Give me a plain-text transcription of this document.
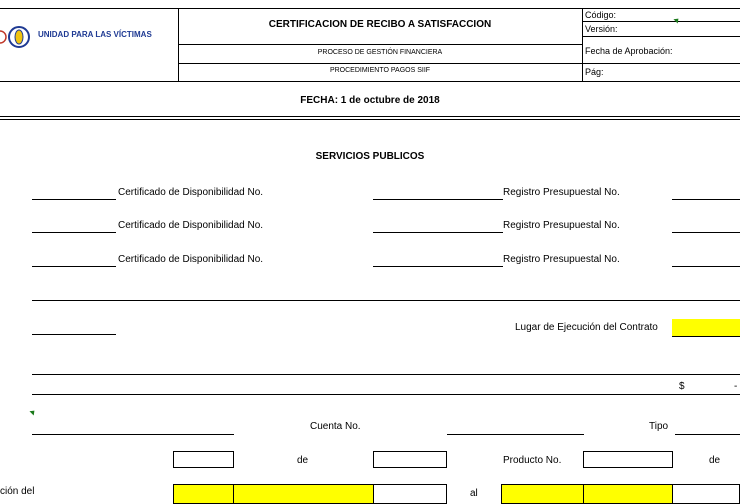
UNIDAD PARA LAS VÍCTIMAS
CERTIFICACION DE RECIBO A SATISFACCION
PROCESO DE GESTIÓN FINANCIERA
PROCEDIMIENTO PAGOS SIIF
Código:
Versión:
Fecha de Aprobación:
Pág:
FECHA: 1 de octubre de 2018
SERVICIOS PUBLICOS
Certificado de Disponibilidad No.	Registro Presupuestal No.
Certificado de Disponibilidad No.	Registro Presupuestal No.
Certificado de Disponibilidad No.	Registro Presupuestal No.
Lugar de Ejecución del Contrato
$	-
Cuenta No.	Tipo
de	Producto No.	de
ción del	al
